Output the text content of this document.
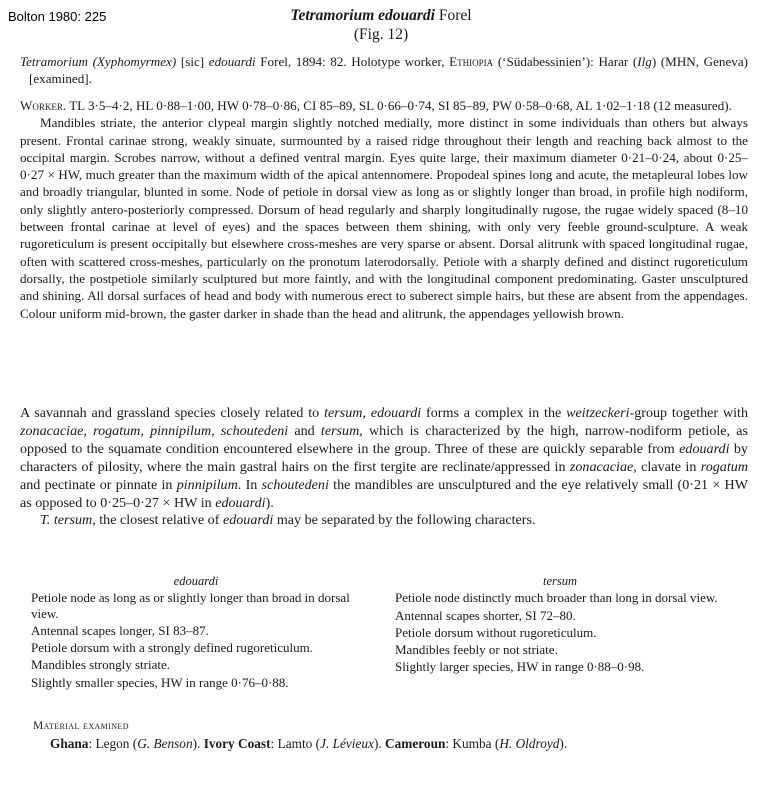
Bolton 1980: 225	Tetramorium edouardi Forel
(Fig. 12)

Tetramorium (Xyphomyrmex) [sic] edouardi Forel, 1894: 82. Holotype worker, Ethiopia (‘Südabessinien’): Harar (Ilg) (MHN, Geneva) [examined].

Worker. TL 3·5–4·2, HL 0·88–1·00, HW 0·78–0·86, CI 85–89, SL 0·66–0·74, SI 85–89, PW 0·58–0·68, AL 1·02–1·18 (12 measured).

Mandibles striate, the anterior clypeal margin slightly notched medially, more distinct in some individuals than others but always present. Frontal carinae strong, weakly sinuate, surmounted by a raised ridge throughout their length and reaching back almost to the occipital margin. Scrobes narrow, without a defined ventral margin. Eyes quite large, their maximum diameter 0·21–0·24, about 0·25–0·27 × HW, much greater than the maximum width of the apical antennomere. Propodeal spines long and acute, the metapleural lobes low and broadly triangular, blunted in some. Node of petiole in dorsal view as long as or slightly longer than broad, in profile high nodiform, only slightly antero-posteriorly compressed. Dorsum of head regularly and sharply longitudinally rugose, the rugae widely spaced (8–10 between frontal carinae at level of eyes) and the spaces between them shining, with only very feeble ground-sculpture. A weak rugoreticulum is present occipitally but elsewhere cross-meshes are very sparse or absent. Dorsal alitrunk with spaced longitudinal rugae, often with scattered cross-meshes, particularly on the pronotum laterodorsally. Petiole with a sharply defined and distinct rugoreticulum dorsally, the postpetiole similarly sculptured but more faintly, and with the longitudinal component predominating. Gaster unsculptured and shining. All dorsal surfaces of head and body with numerous erect to suberect simple hairs, but these are absent from the appendages. Colour uniform mid-brown, the gaster darker in shade than the head and alitrunk, the appendages yellowish brown.

A savannah and grassland species closely related to tersum, edouardi forms a complex in the weitzeckeri-group together with zonacaciae, rogatum, pinnipilum, schoutedeni and tersum, which is characterized by the high, narrow-nodiform petiole, as opposed to the squamate condition encountered elsewhere in the group. Three of these are quickly separable from edouardi by characters of pilosity, where the main gastral hairs on the first tergite are reclinate/appressed in zonacaciae, clavate in rogatum and pectinate or pinnate in pinnipilum. In schoutedeni the mandibles are unsculptured and the eye relatively small (0·21 × HW as opposed to 0·25–0·27 × HW in edouardi).

T. tersum, the closest relative of edouardi may be separated by the following characters.

edouardi

Petiole node as long as or slightly longer than broad in dorsal view.

Antennal scapes longer, SI 83–87.

Petiole dorsum with a strongly defined rugoreticulum.

Mandibles strongly striate.

Slightly smaller species, HW in range 0·76–0·88.

tersum

Petiole node distinctly much broader than long in dorsal view.

Antennal scapes shorter, SI 72–80.

Petiole dorsum without rugoreticulum.

Mandibles feebly or not striate.

Slightly larger species, HW in range 0·88–0·98.

Material examined
Ghana: Legon (G. Benson). Ivory Coast: Lamto (J. Lévieux). Cameroun: Kumba (H. Oldroyd).
